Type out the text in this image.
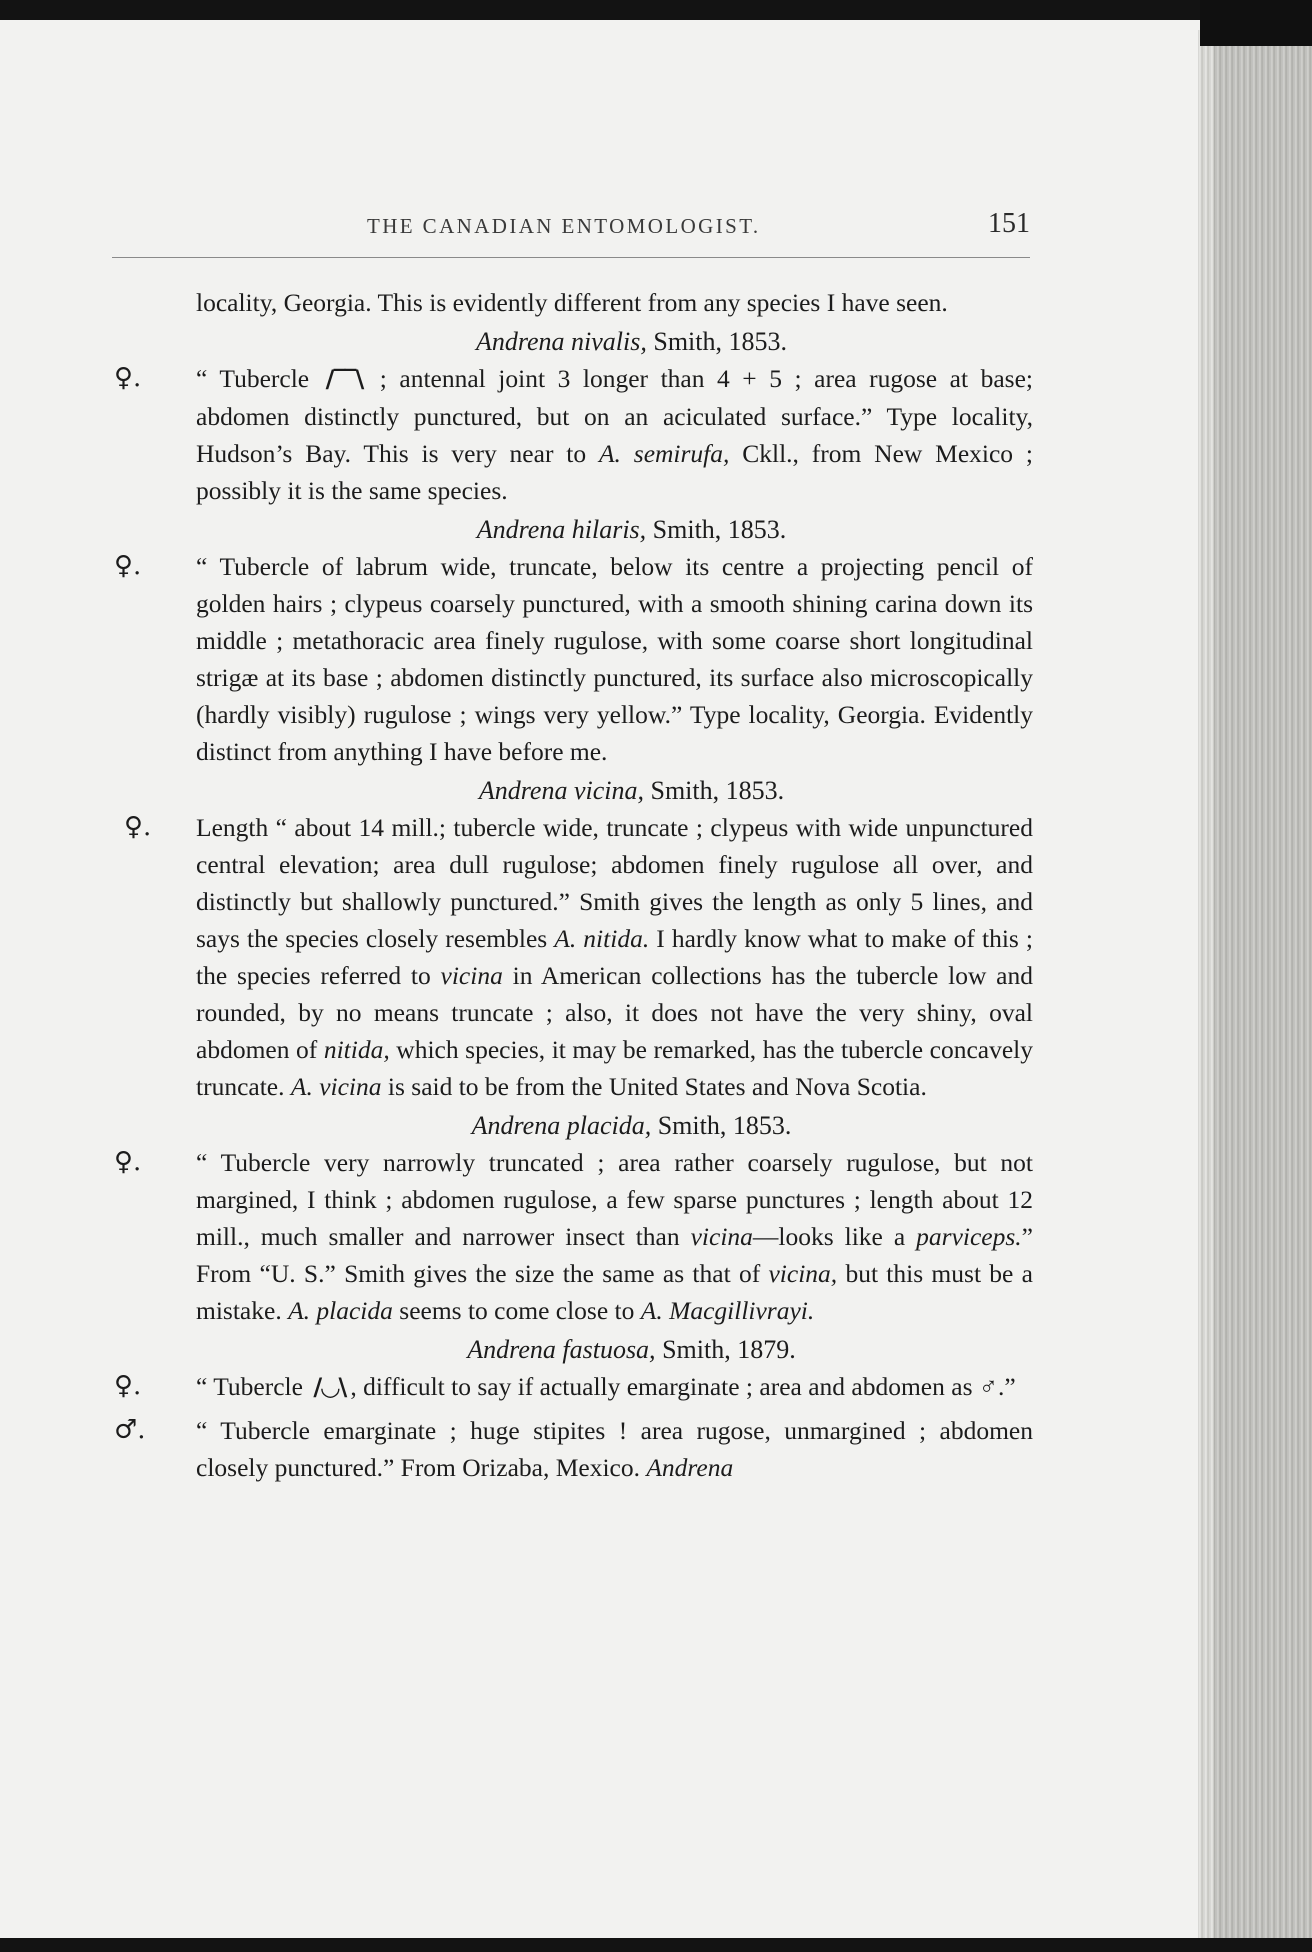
THE CANADIAN ENTOMOLOGIST.	151

locality, Georgia. This is evidently different from any species I have seen.

Andrena nivalis, Smith, 1853.
♀.	“ Tubercle /‾‾\ ; antennal joint 3 longer than 4 + 5 ; area rugose at base; abdomen distinctly punctured, but on an aciculated surface.” Type locality, Hudson’s Bay. This is very near to A. semirufa, Ckll., from New Mexico ; possibly it is the same species.
Andrena hilaris, Smith, 1853.
♀.	“ Tubercle of labrum wide, truncate, below its centre a projecting pencil of golden hairs ; clypeus coarsely punctured, with a smooth shining carina down its middle ; metathoracic area finely rugulose, with some coarse short longitudinal strigæ at its base ; abdomen distinctly punctured, its surface also microscopically (hardly visibly) rugulose ; wings very yellow.” Type locality, Georgia. Evidently distinct from anything I have before me.
Andrena vicina, Smith, 1853.
♀.	Length “ about 14 mill.; tubercle wide, truncate ; clypeus with wide unpunctured central elevation; area dull rugulose; abdomen finely rugulose all over, and distinctly but shallowly punctured.” Smith gives the length as only 5 lines, and says the species closely resembles A. nitida. I hardly know what to make of this ; the species referred to vicina in American collections has the tubercle low and rounded, by no means truncate ; also, it does not have the very shiny, oval abdomen of nitida, which species, it may be remarked, has the tubercle concavely truncate. A. vicina is said to be from the United States and Nova Scotia.
Andrena placida, Smith, 1853.
♀.	“ Tubercle very narrowly truncated ; area rather coarsely rugulose, but not margined, I think ; abdomen rugulose, a few sparse punctures ; length about 12 mill., much smaller and narrower insect than vicina—looks like a parviceps.” From “U. S.” Smith gives the size the same as that of vicina, but this must be a mistake. A. placida seems to come close to A. Macgillivrayi.
Andrena fastuosa, Smith, 1879.
♀.	“ Tubercle /◡\ , difficult to say if actually emarginate ; area and abdomen as ♂.”
♂.	“ Tubercle emarginate ; huge stipites ! area rugose, unmargined ; abdomen closely punctured.” From Orizaba, Mexico. Andrena
